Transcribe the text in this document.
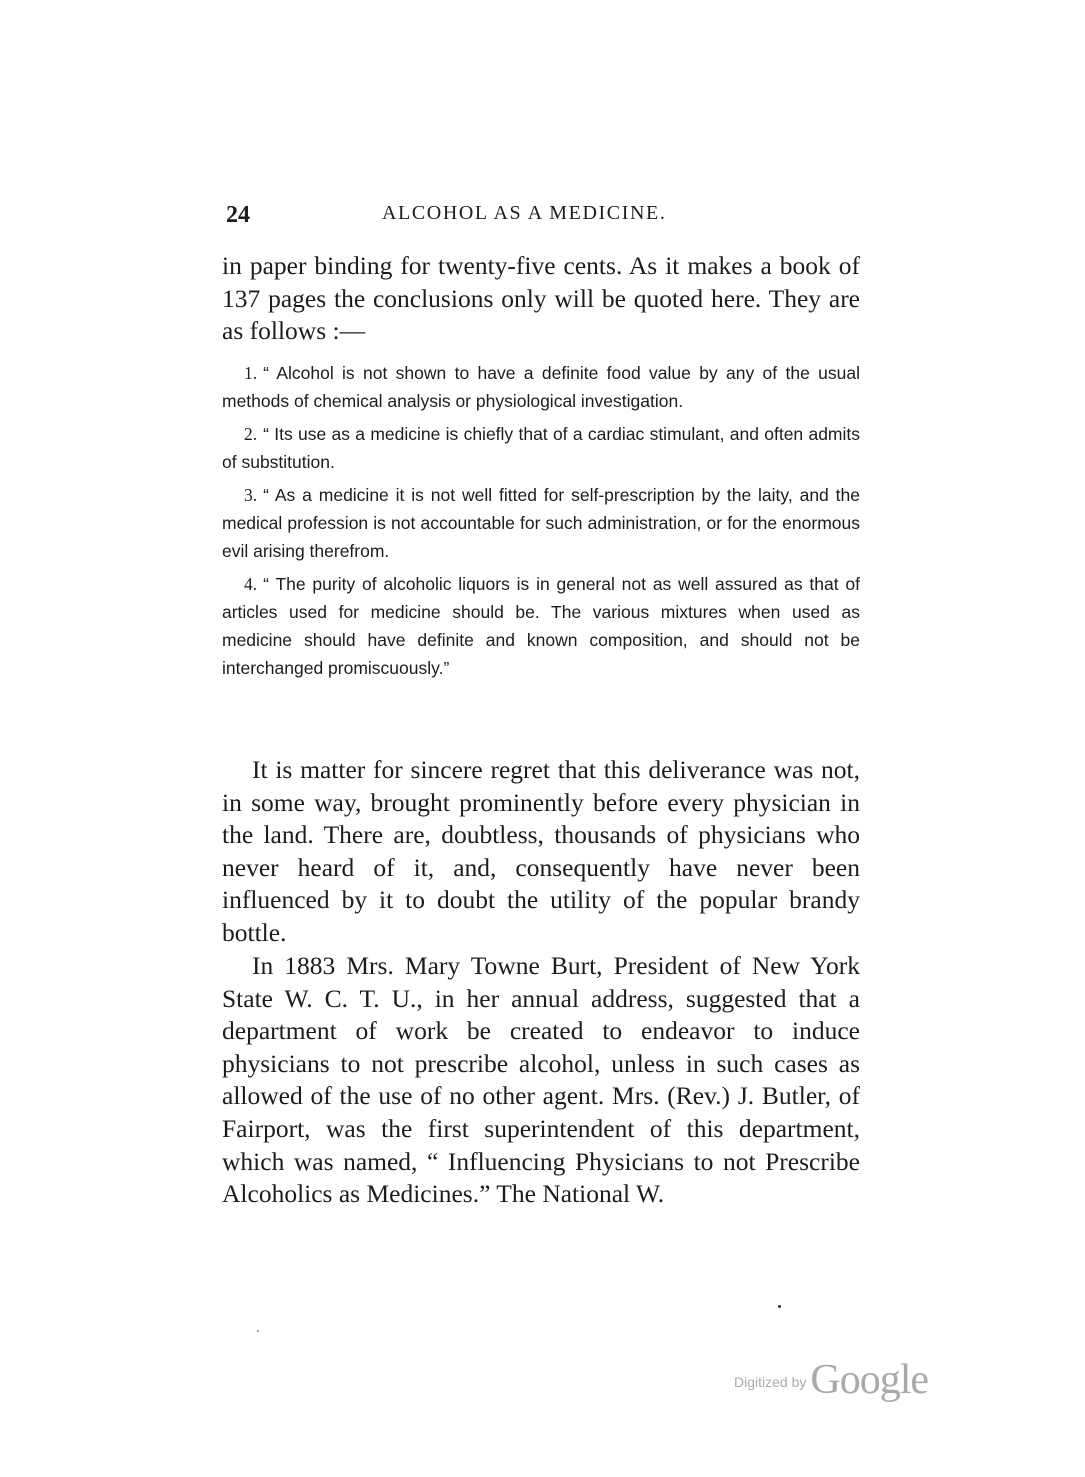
24	ALCOHOL AS A MEDICINE.

in paper binding for twenty-five cents. As it makes a book of 137 pages the conclusions only will be quoted here. They are as follows :—

1. “ Alcohol is not shown to have a definite food value by any of the usual methods of chemical analysis or physiological investigation.
2. “ Its use as a medicine is chiefly that of a cardiac stimulant, and often admits of substitution.
3. “ As a medicine it is not well fitted for self-prescription by the laity, and the medical profession is not accountable for such administration, or for the enormous evil arising therefrom.
4. “ The purity of alcoholic liquors is in general not as well assured as that of articles used for medicine should be. The various mixtures when used as medicine should have definite and known composition, and should not be interchanged promiscuously.”

It is matter for sincere regret that this deliverance was not, in some way, brought prominently before every physician in the land. There are, doubtless, thousands of physicians who never heard of it, and, consequently have never been influenced by it to doubt the utility of the popular brandy bottle.

In 1883 Mrs. Mary Towne Burt, President of New York State W. C. T. U., in her annual address, suggested that a department of work be created to endeavor to induce physicians to not prescribe alcohol, unless in such cases as allowed of the use of no other agent. Mrs. (Rev.) J. Butler, of Fairport, was the first superintendent of this department, which was named, “ Influencing Physicians to not Prescribe Alcoholics as Medicines.” The National W.

Digitized by Google
